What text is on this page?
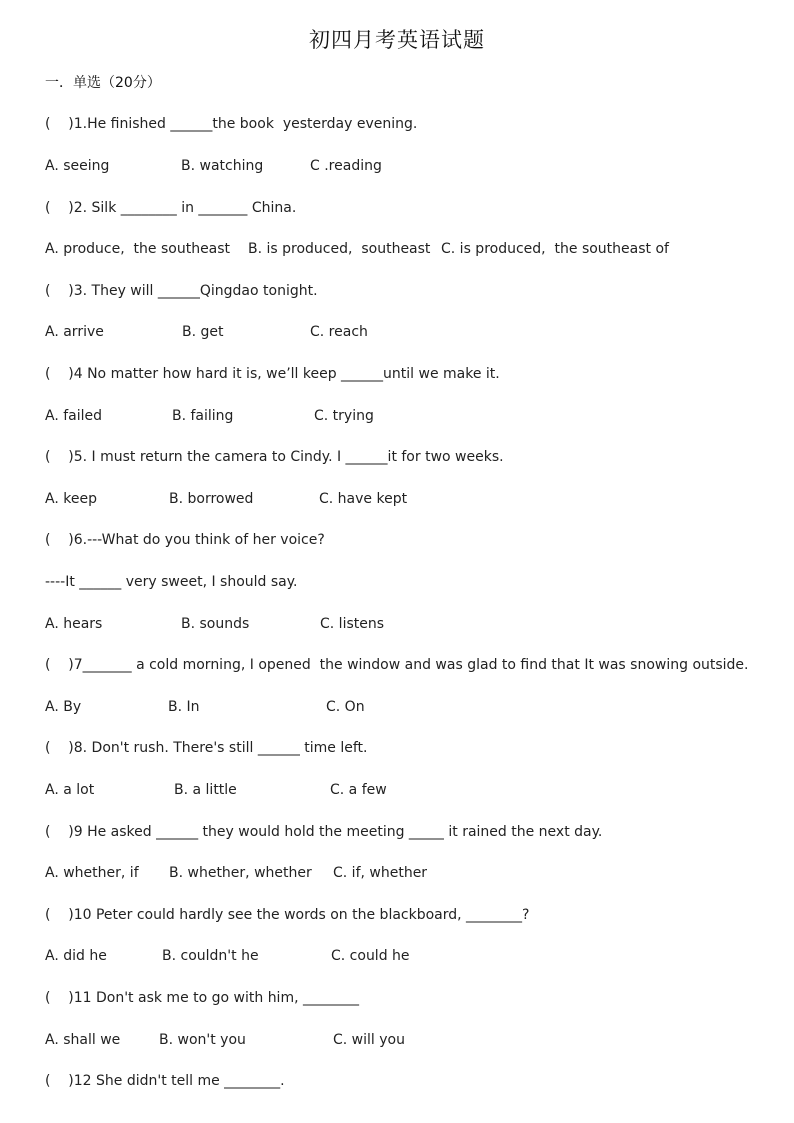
初四月考英语试题
一．单选（20分）
(    )1.He finished ______the book  yesterday evening.
A. seeing	B. watching	C .reading
(    )2. Silk ________ in _______ China.
A. produce,  the southeast B. is produced,  southeast C. is produced,  the southeast of
(    )3. They will ______Qingdao tonight.
A. arrive	B. get	C. reach
(    )4 No matter how hard it is, we’ll keep ______until we make it.
A. failed	B. failing	C. trying
(    )5. I must return the camera to Cindy. I ______it for two weeks.
A. keep	B. borrowed	C. have kept
(    )6.---What do you think of her voice?
----It ______ very sweet, I should say.
A. hears	B. sounds	C. listens
(    )7_______ a cold morning, I opened  the window and was glad to find that It was snowing outside.
A. By	B. In	C. On
(    )8. Don't rush. There's still ______ time left.
A. a lot	B. a little	C. a few
(    )9 He asked ______ they would hold the meeting _____ it rained the next day.
A. whether, if B. whether, whether C. if, whether
(    )10 Peter could hardly see the words on the blackboard, ________?
A. did he	B. couldn't he	C. could he
(    )11 Don't ask me to go with him, ________
A. shall we	B. won't you	C. will you
(    )12 She didn't tell me ________.
